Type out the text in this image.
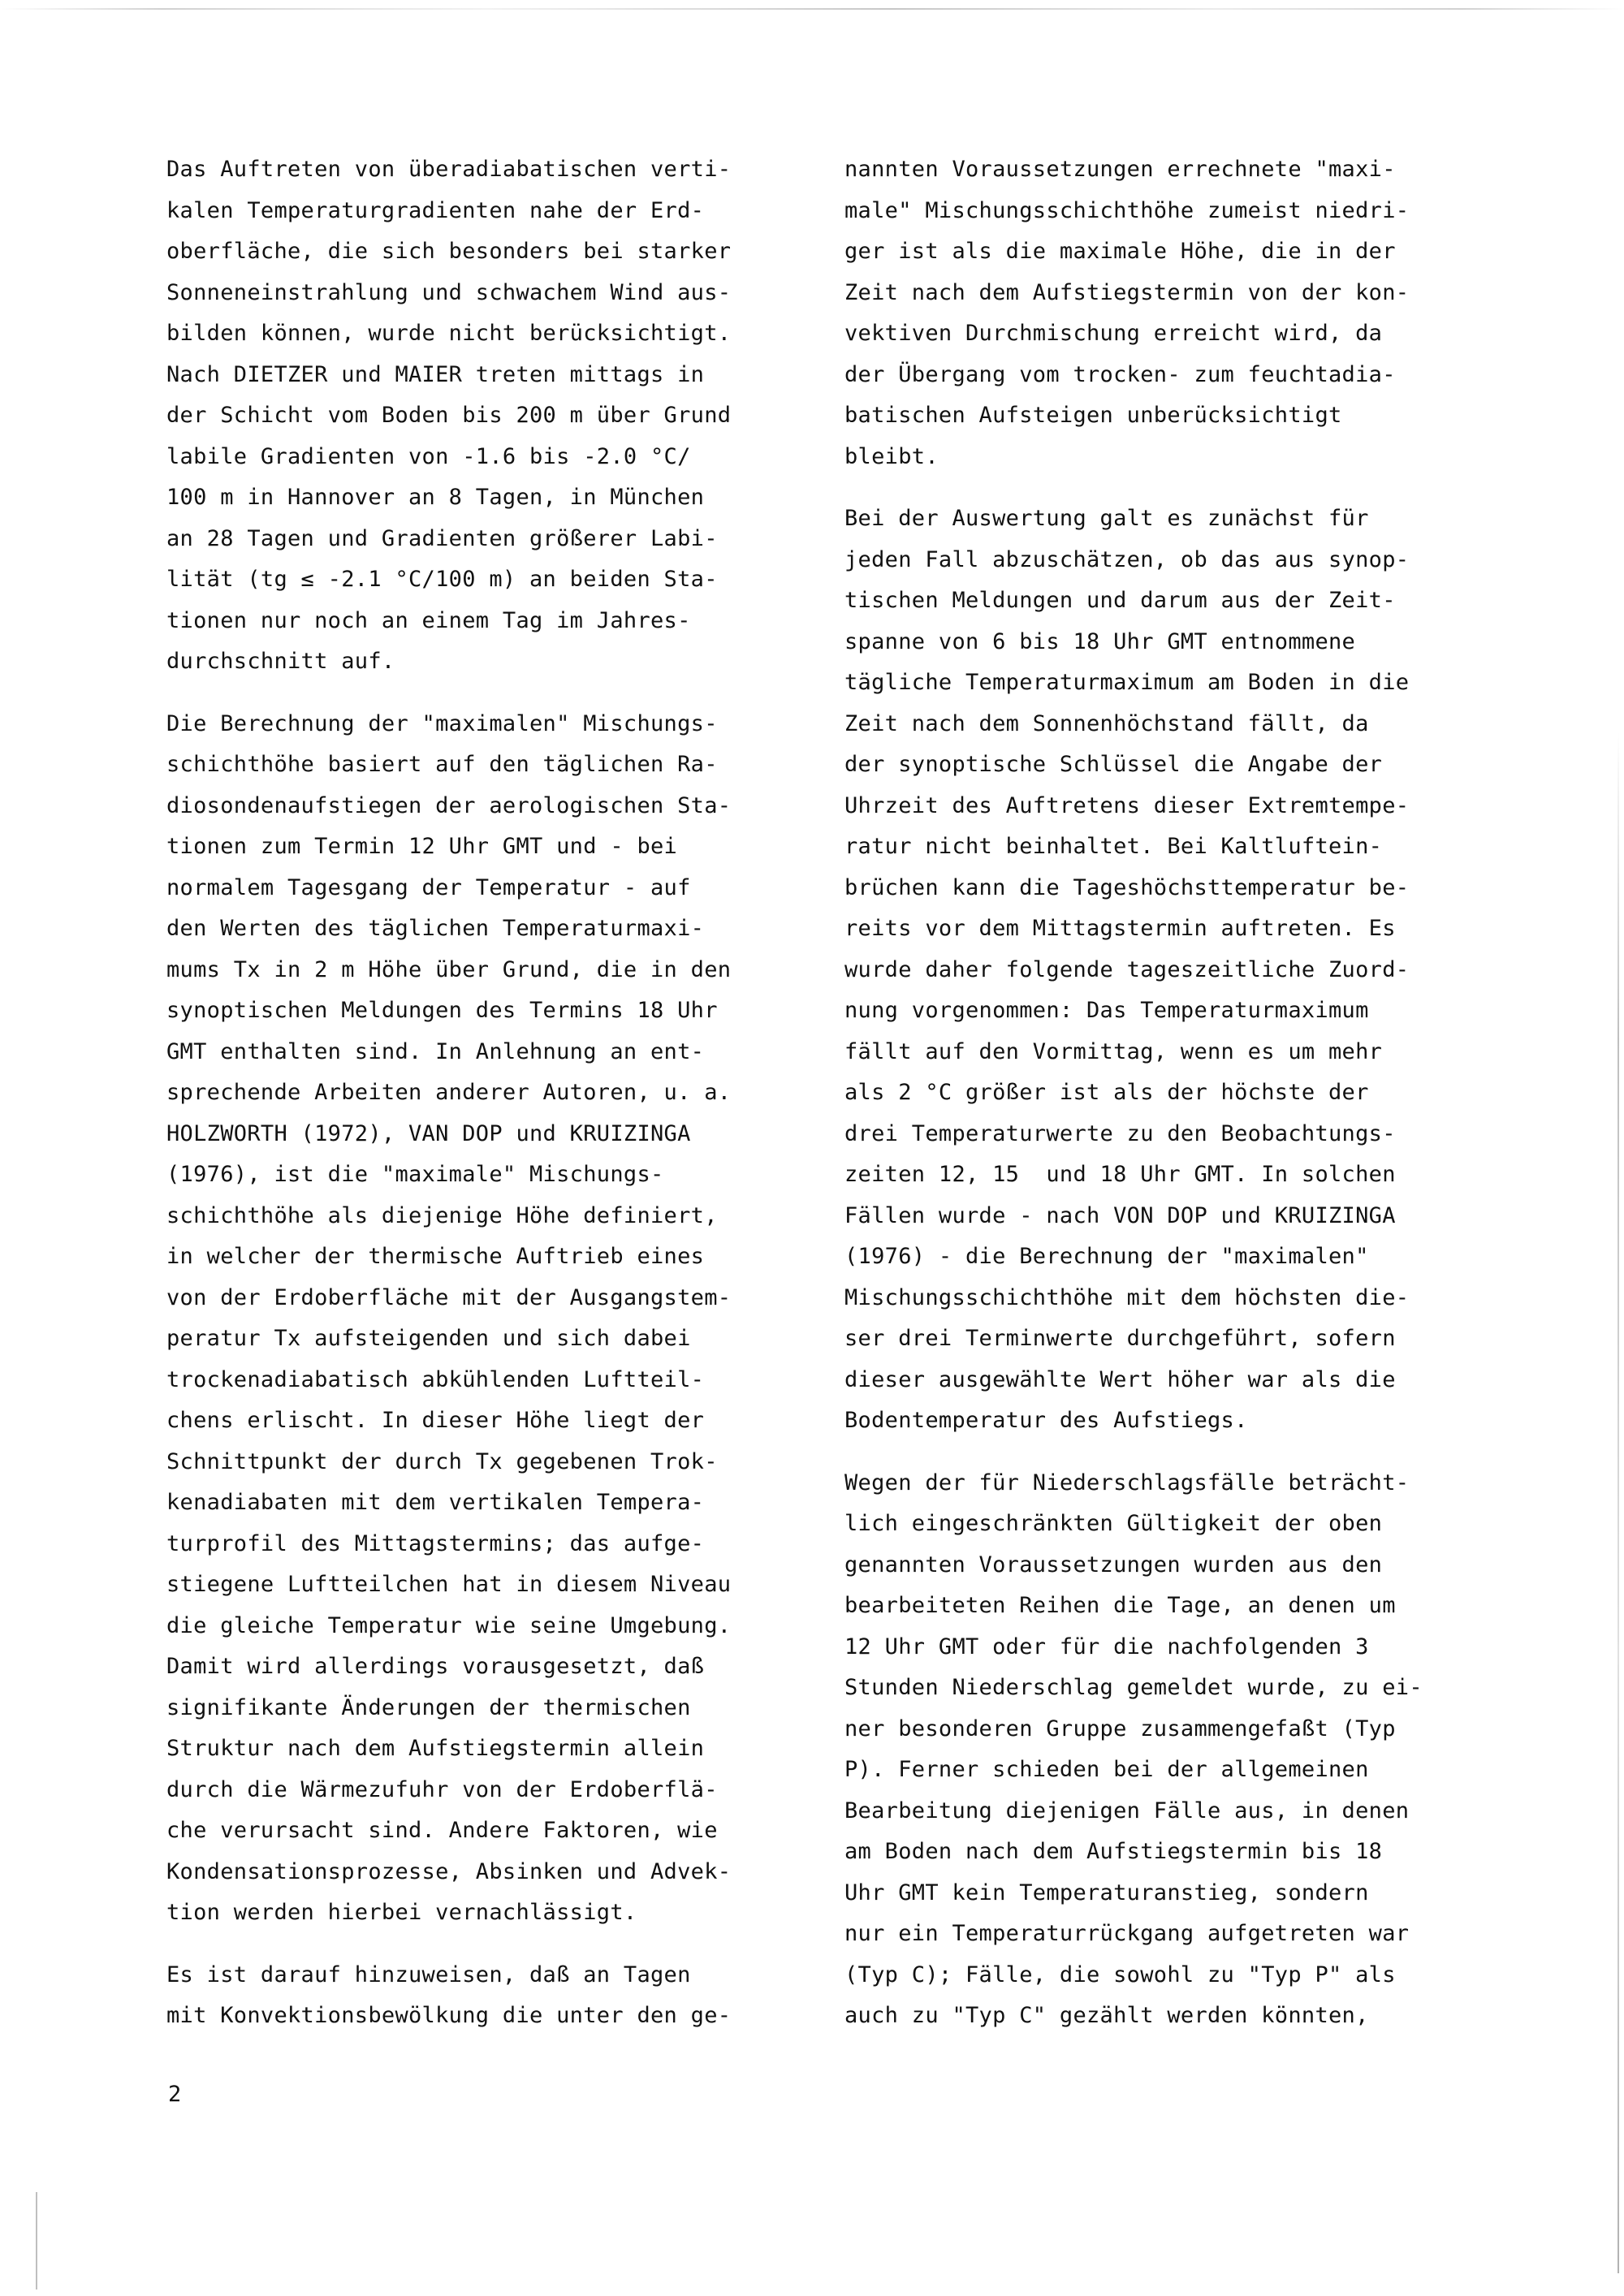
Das Auftreten von überadiabatischen verti-
kalen Temperaturgradienten nahe der Erd-
oberfläche, die sich besonders bei starker
Sonneneinstrahlung und schwachem Wind aus-
bilden können, wurde nicht berücksichtigt.
Nach DIETZER und MAIER treten mittags in
der Schicht vom Boden bis 200 m über Grund
labile Gradienten von -1.6 bis -2.0 °C/
100 m in Hannover an 8 Tagen, in München
an 28 Tagen und Gradienten größerer Labi-
lität (tg ≤ -2.1 °C/100 m) an beiden Sta-
tionen nur noch an einem Tag im Jahres-
durchschnitt auf.
Die Berechnung der "maximalen" Mischungs-
schichthöhe basiert auf den täglichen Ra-
diosondenaufstiegen der aerologischen Sta-
tionen zum Termin 12 Uhr GMT und - bei
normalem Tagesgang der Temperatur - auf
den Werten des täglichen Temperaturmaxi-
mums Tx in 2 m Höhe über Grund, die in den
synoptischen Meldungen des Termins 18 Uhr
GMT enthalten sind. In Anlehnung an ent-
sprechende Arbeiten anderer Autoren, u. a.
HOLZWORTH (1972), VAN DOP und KRUIZINGA
(1976), ist die "maximale" Mischungs-
schichthöhe als diejenige Höhe definiert,
in welcher der thermische Auftrieb eines
von der Erdoberfläche mit der Ausgangstem-
peratur Tx aufsteigenden und sich dabei
trockenadiabatisch abkühlenden Luftteil-
chens erlischt. In dieser Höhe liegt der
Schnittpunkt der durch Tx gegebenen Trok-
kenadiabaten mit dem vertikalen Tempera-
turprofil des Mittagstermins; das aufge-
stiegene Luftteilchen hat in diesem Niveau
die gleiche Temperatur wie seine Umgebung.
Damit wird allerdings vorausgesetzt, daß
signifikante Änderungen der thermischen
Struktur nach dem Aufstiegstermin allein
durch die Wärmezufuhr von der Erdoberflä-
che verursacht sind. Andere Faktoren, wie
Kondensationsprozesse, Absinken und Advek-
tion werden hierbei vernachlässigt.
Es ist darauf hinzuweisen, daß an Tagen
mit Konvektionsbewölkung die unter den ge-
nannten Voraussetzungen errechnete "maxi-
male" Mischungsschichthöhe zumeist niedri-
ger ist als die maximale Höhe, die in der
Zeit nach dem Aufstiegstermin von der kon-
vektiven Durchmischung erreicht wird, da
der Übergang vom trocken- zum feuchtadia-
batischen Aufsteigen unberücksichtigt
bleibt.
Bei der Auswertung galt es zunächst für
jeden Fall abzuschätzen, ob das aus synop-
tischen Meldungen und darum aus der Zeit-
spanne von 6 bis 18 Uhr GMT entnommene
tägliche Temperaturmaximum am Boden in die
Zeit nach dem Sonnenhöchstand fällt, da
der synoptische Schlüssel die Angabe der
Uhrzeit des Auftretens dieser Extremtempe-
ratur nicht beinhaltet. Bei Kaltluftein-
brüchen kann die Tageshöchsttemperatur be-
reits vor dem Mittagstermin auftreten. Es
wurde daher folgende tageszeitliche Zuord-
nung vorgenommen: Das Temperaturmaximum
fällt auf den Vormittag, wenn es um mehr
als 2 °C größer ist als der höchste der
drei Temperaturwerte zu den Beobachtungs-
zeiten 12, 15  und 18 Uhr GMT. In solchen
Fällen wurde - nach VON DOP und KRUIZINGA
(1976) - die Berechnung der "maximalen"
Mischungsschichthöhe mit dem höchsten die-
ser drei Terminwerte durchgeführt, sofern
dieser ausgewählte Wert höher war als die
Bodentemperatur des Aufstiegs.
Wegen der für Niederschlagsfälle beträcht-
lich eingeschränkten Gültigkeit der oben
genannten Voraussetzungen wurden aus den
bearbeiteten Reihen die Tage, an denen um
12 Uhr GMT oder für die nachfolgenden 3
Stunden Niederschlag gemeldet wurde, zu ei-
ner besonderen Gruppe zusammengefaßt (Typ
P). Ferner schieden bei der allgemeinen
Bearbeitung diejenigen Fälle aus, in denen
am Boden nach dem Aufstiegstermin bis 18
Uhr GMT kein Temperaturanstieg, sondern
nur ein Temperaturrückgang aufgetreten war
(Typ C); Fälle, die sowohl zu "Typ P" als
auch zu "Typ C" gezählt werden könnten,
2
